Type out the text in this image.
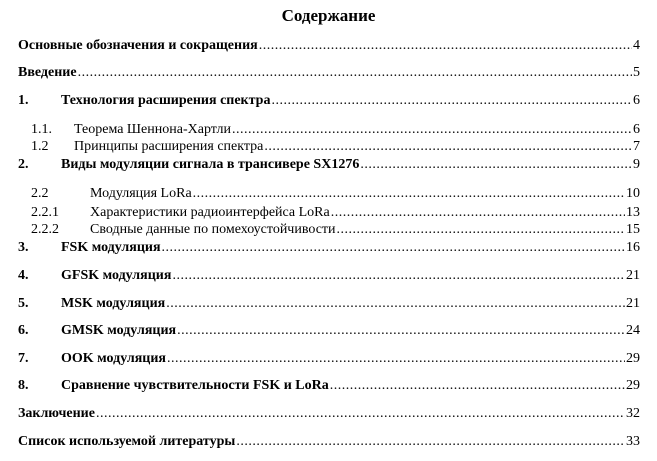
Содержание
Основные обозначения и сокращения .....	4
Введение .....	5
1.	Технология расширения спектра .....	6
1.1.	Теорема Шеннона-Хартли .....	6
1.2	Принципы расширения спектра .....	7
2.	Виды модуляции сигнала в трансивере SX1276 .....	9
2.2	Модуляция LoRa .....	10
2.2.1	Характеристики радиоинтерфейса LoRa .....	13
2.2.2	Сводные данные по помехоустойчивости .....	15
3.	FSK модуляция .....	16
4.	GFSK модуляция .....	21
5.	MSK модуляция .....	21
6.	GMSK модуляция .....	24
7.	OOK модуляция .....	29
8.	Сравнение чувствительности FSK и LoRa .....	29
Заключение .....	32
Список используемой литературы .....	33
